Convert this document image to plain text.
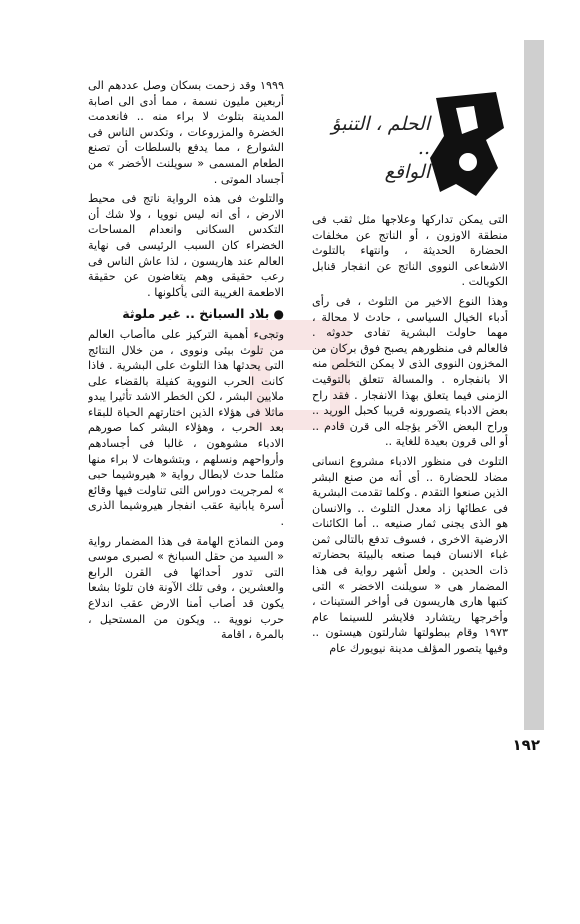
الحلم ، التنبؤ ..
الواقع

التى يمكن تداركها وعلاجها مثل ثقب فى منطقة الاوزون ، أو الناتج عن مخلفات الحضارة الحديثة ، وانتهاء بالتلوث الاشعاعى النووى الناتج عن انفجار قنابل الكوبالت .

وهذا النوع الاخير من التلوث ، فى رأى أدباء الخيال السياسى ، حادث لا محالة ، مهما حاولت البشرية تفادى حدوثه . فالعالم فى منظورهم يصبح فوق بركان من المخزون النووى الذى لا يمكن التخلص منه الا بانفجاره . والمسالة تتعلق بالتوقيت الزمنى فيما يتعلق بهذا الانفجار . فقد راح بعض الادباء يتصورونه قريبا كحبل الوريد .. وراح البعض الآخر يؤجله الى قرن قادم .. أو الى قرون بعيدة للغاية ..

التلوث فى منظور الادباء مشروع انسانى مضاد للحضارة .. أى أنه من صنع البشر الذين صنعوا التقدم . وكلما تقدمت البشرية فى عطائها زاد معدل التلوث .. والانسان هو الذى يجنى ثمار صنيعه .. أما الكائنات الارضية الاخرى ، فسوف تدفع بالتالى ثمن غباء الانسان فيما صنعه بالبيئة بحضارته ذات الحدين . ولعل أشهر رواية فى هذا المضمار هى « سويلنت الاخضر » التى كتبها هارى هاريسون فى أواخر الستينات ، وأخرجها ريتشارد فلايشر للسينما عام ١٩٧٣ وقام ببطولتها شارلتون هيستون .. وفيها يتصور المؤلف مدينة نيويورك عام

١٩٩٩ وقد زحمت بسكان وصل عددهم الى أربعين مليون نسمة ، مما أدى الى اصابة المدينة بتلوث لا براء منه .. فانعدمت الخضرة والمزروعات ، وتكدس الناس فى الشوارع ، مما يدفع بالسلطات أن تصنع الطعام المسمى « سويلنت الأخضر » من أجساد الموتى .

والتلوث فى هذه الرواية ناتج فى محيط الارض ، أى انه ليس نوويا ، ولا شك أن التكدس السكانى وانعدام المساحات الخضراء كان السبب الرئيسى فى نهاية العالم عند هاريسون ، لذا عاش الناس فى رعب حقيقى وهم يتغاضون عن حقيقة الاطعمة الغريبة التى يأكلونها .

● بلاد السبانخ .. غير ملوثة

وتجىء أهمية التركيز على ماأصاب العالم من تلوث بيئى ونووى ، من خلال النتائج التى يحدثها هذا التلوث على البشرية . فاذا كانت الحرب النووية كفيلة بالقضاء على ملايين البشر ، لكن الخطر الاشد تأثيرا يبدو ماثلا فى هؤلاء الذين اختارتهم الحياة للبقاء بعد الحرب ، وهؤلاء البشر كما صورهم الادباء مشوهون ، غالبا فى أجسادهم وأرواحهم ونسلهم ، وبتشوهات لا براء منها مثلما حدث لابطال رواية « هيروشيما حبى » لمرجريت دوراس التى تناولت فيها وقائع أسرة يابانية عقب انفجار هيروشيما الذرى .

ومن النماذج الهامة فى هذا المضمار رواية « السيد من حقل السبانخ » لصبرى موسى التى تدور أحداثها فى القرن الرابع والعشرين ، وفى تلك الآونة فان تلوثا بشعا يكون قد أصاب أمنا الارض عقب اندلاع حرب نووية .. ويكون من المستحيل ، بالمرة ، اقامة

١٩٢
